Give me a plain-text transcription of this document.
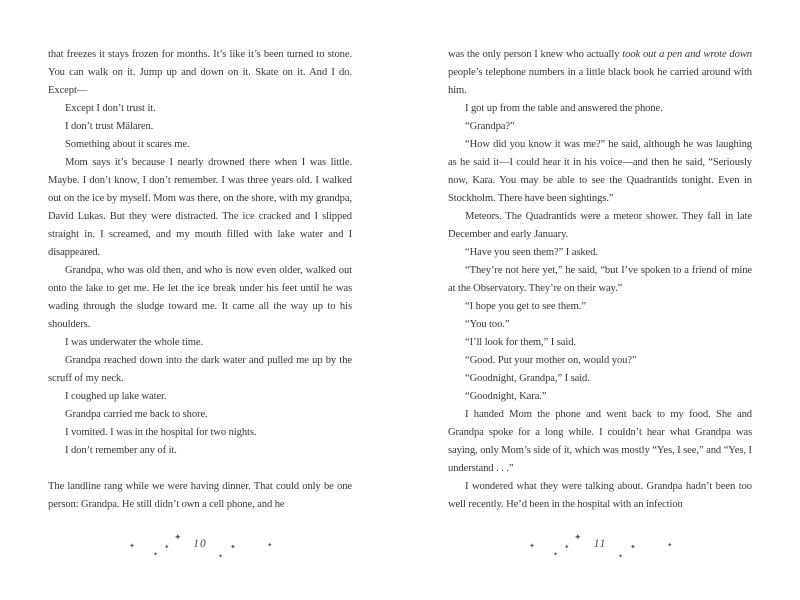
that freezes it stays frozen for months. It’s like it’s been turned to stone. You can walk on it. Jump up and down on it. Skate on it. And I do. Except—

Except I don’t trust it.

I don’t trust Mälaren.

Something about it scares me.

Mom says it’s because I nearly drowned there when I was little. Maybe. I don’t know, I don’t remember. I was three years old. I walked out on the ice by myself. Mom was there, on the shore, with my grandpa, David Lukas. But they were distracted. The ice cracked and I slipped straight in. I screamed, and my mouth filled with lake water and I disappeared.

Grandpa, who was old then, and who is now even older, walked out onto the lake to get me. He let the ice break under his feet until he was wading through the sludge toward me. It came all the way up to his shoulders.

I was underwater the whole time.

Grandpa reached down into the dark water and pulled me up by the scruff of my neck.

I coughed up lake water.

Grandpa carried me back to shore.

I vomited. I was in the hospital for two nights.

I don’t remember any of it.

The landline rang while we were having dinner. That could only be one person: Grandpa. He still didn’t own a cell phone, and he

was the only person I knew who actually took out a pen and wrote down people’s telephone numbers in a little black book he carried around with him.

I got up from the table and answered the phone.

“Grandpa?”

“How did you know it was me?” he said, although he was laughing as he said it—I could hear it in his voice—and then he said, “Seriously now, Kara. You may be able to see the Quadrantids tonight. Even in Stockholm. There have been sightings.”

Meteors. The Quadrantids were a meteor shower. They fall in late December and early January.

“Have you seen them?” I asked.

“They’re not here yet,” he said, “but I’ve spoken to a friend of mine at the Observatory. They’re on their way.”

“I hope you get to see them.”

“You too.”

“I’ll look for them,” I said.

“Good. Put your mother on, would you?”

“Goodnight, Grandpa,” I said.

“Goodnight, Kara.”

I handed Mom the phone and went back to my food. She and Grandpa spoke for a long while. I couldn’t hear what Grandpa was saying, only Mom’s side of it, which was mostly “Yes, I see,” and “Yes, I understand . . .”

I wondered what they were talking about. Grandpa hadn’t been too well recently. He’d been in the hospital with an infection

✦
✦
✦
✦	10
✦
✦	✦	✦
✦
✦
✦	11
✦
✦	✦
